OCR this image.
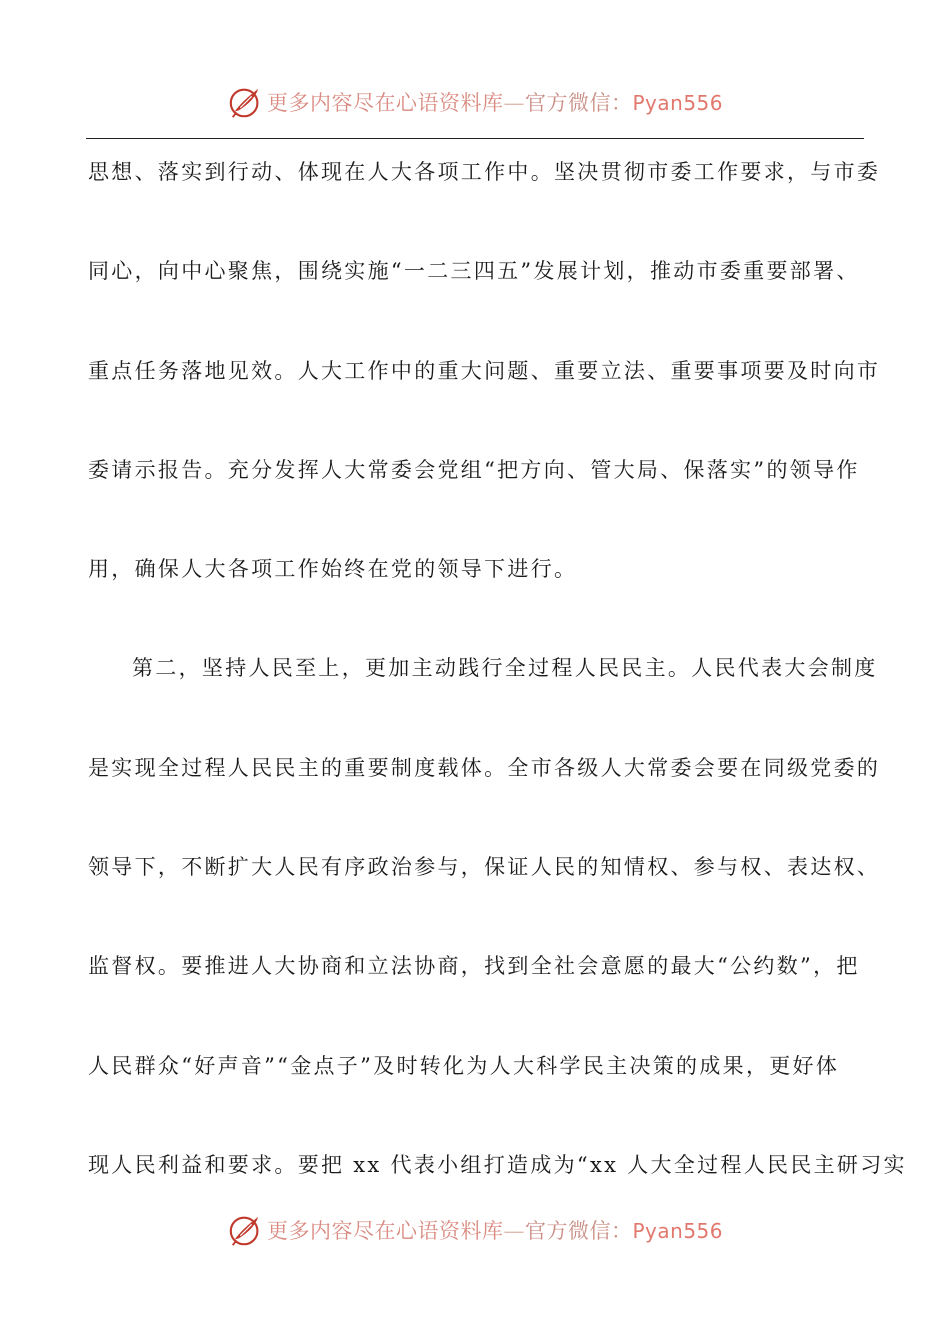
更多内容尽在心语资料库—官方微信：Pyan556
思想、落实到行动、体现在人大各项工作中。坚决贯彻市委工作要求，与市委
同心，向中心聚焦，围绕实施“一二三四五”发展计划，推动市委重要部署、
重点任务落地见效。人大工作中的重大问题、重要立法、重要事项要及时向市
委请示报告。充分发挥人大常委会党组“把方向、管大局、保落实”的领导作
用，确保人大各项工作始终在党的领导下进行。
第二，坚持人民至上，更加主动践行全过程人民民主。人民代表大会制度
是实现全过程人民民主的重要制度载体。全市各级人大常委会要在同级党委的
领导下，不断扩大人民有序政治参与，保证人民的知情权、参与权、表达权、
监督权。要推进人大协商和立法协商，找到全社会意愿的最大“公约数”，把
人民群众“好声音”“金点子”及时转化为人大科学民主决策的成果，更好体
现人民利益和要求。要把 xx 代表小组打造成为“xx 人大全过程人民民主研习实
更多内容尽在心语资料库—官方微信：Pyan556
